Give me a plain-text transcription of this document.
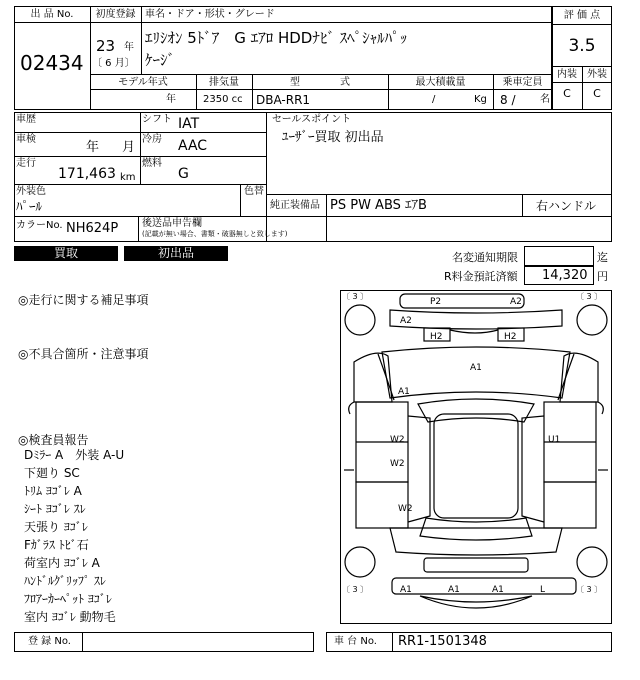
出 品 No.
02434
初度登録
23 年
〔 6 月〕
車名・ドア・形状・グレード
ｴﾘｼｵﾝ 5ﾄﾞｱ　G ｴｱﾛ HDDﾅﾋﾞ ｽﾍﾟｼｬﾙﾊﾟｯ
ｹｰｼﾞ
評 価 点
3.5
内装	外装
C	C
モデル年式
年
排気量
2350 cc
型　　　　式
DBA-RR1
最大積載量
/	Kg
乗車定員
8 / 名
車歴	シフト IAT
車検
年 月
冷房 AAC
走行
171,463 km
燃料
G
セールスポイント
ﾕｰｻﾞｰ買取 初出品
外装色
ﾊﾟｰﾙ
色替
純正装備品 PS PW ABS ｴｱB	右ハンドル
カラーNo. NH624P 後送品申告欄
(記載が無い場合、書類・破器無しと致します)
買取	初出品	名変通知期限	迄
R料金預託済額 14,320 円
◎走行に関する補足事項
◎不具合箇所・注意事項
◎検査員報告
Dﾐﾗｰ A　外装 A-U
下廻り SC
ﾄﾘﾑ ﾖｺﾞﾚ A
ｼｰﾄ ﾖｺﾞﾚ ｽﾚ
天張り ﾖｺﾞﾚ
Fｶﾞﾗｽ ﾄﾋﾞ石
荷室内 ﾖｺﾞﾚ A
ﾊﾝﾄﾞﾙｸﾞﾘｯﾌﾟ ｽﾚ
ﾌﾛｱｰｶｰﾍﾟｯﾄ ﾖｺﾞﾚ
室内 ﾖｺﾞﾚ 動物毛
〔 3 〕	〔 3 〕
〔 3 〕	〔 3 〕
P2	A2
A2
H2	H2
A1
A1
W2
W2
W2
U1
A1	A1	A1	L
登 録 No.	車 台 No. RR1-1501348
